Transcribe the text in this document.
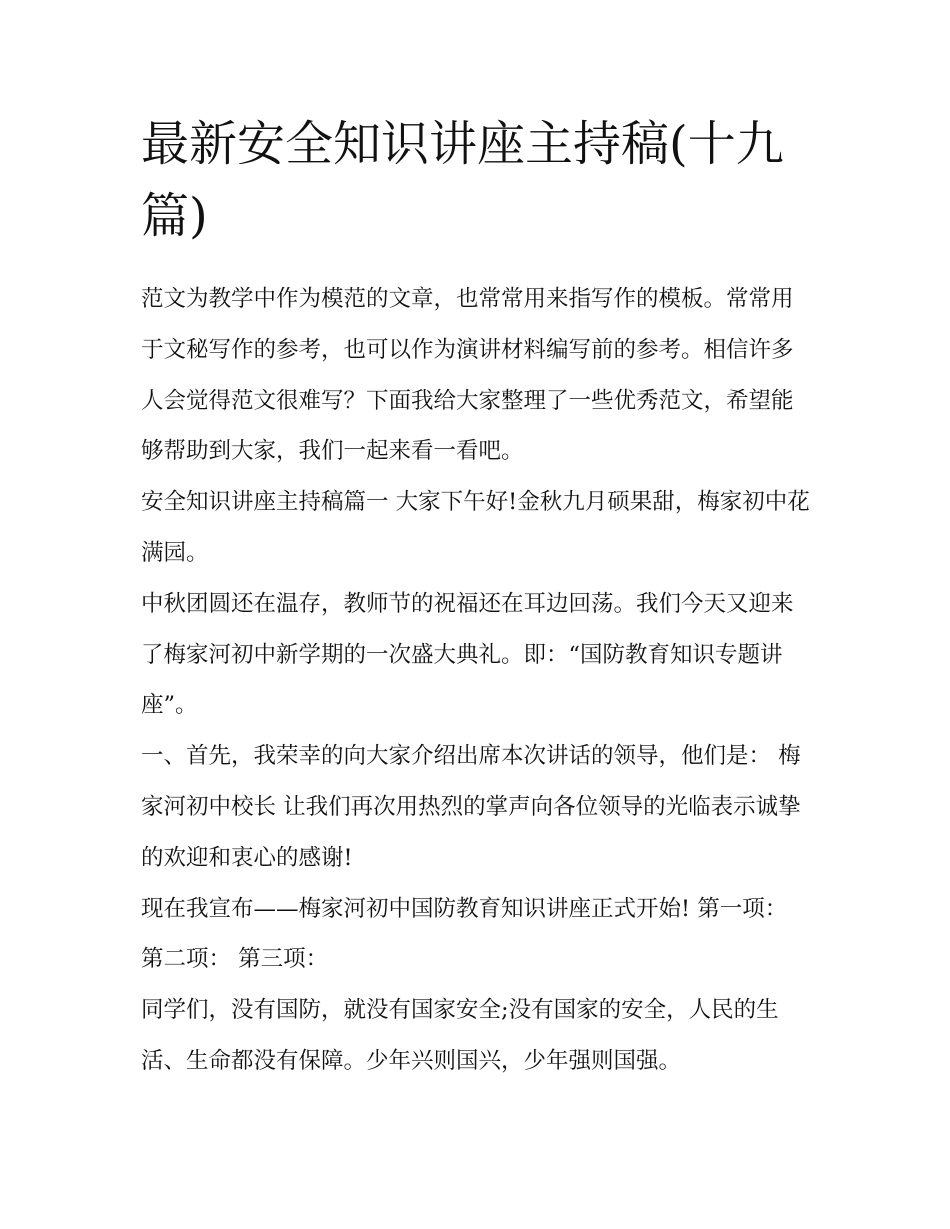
最新安全知识讲座主持稿(十九篇)

范文为教学中作为模范的文章，也常常用来指写作的模板。常常用于文秘写作的参考，也可以作为演讲材料编写前的参考。相信许多人会觉得范文很难写？下面我给大家整理了一些优秀范文，希望能够帮助到大家，我们一起来看一看吧。

安全知识讲座主持稿篇一 大家下午好!金秋九月硕果甜，梅家初中花满园。

中秋团圆还在温存，教师节的祝福还在耳边回荡。我们今天又迎来了梅家河初中新学期的一次盛大典礼。即：“国防教育知识专题讲座”。

一、首先，我荣幸的向大家介绍出席本次讲话的领导，他们是： 梅家河初中校长 让我们再次用热烈的掌声向各位领导的光临表示诚挚的欢迎和衷心的感谢!

现在我宣布——梅家河初中国防教育知识讲座正式开始! 第一项： 第二项： 第三项：

同学们，没有国防，就没有国家安全;没有国家的安全，人民的生活、生命都没有保障。少年兴则国兴，少年强则国强。
